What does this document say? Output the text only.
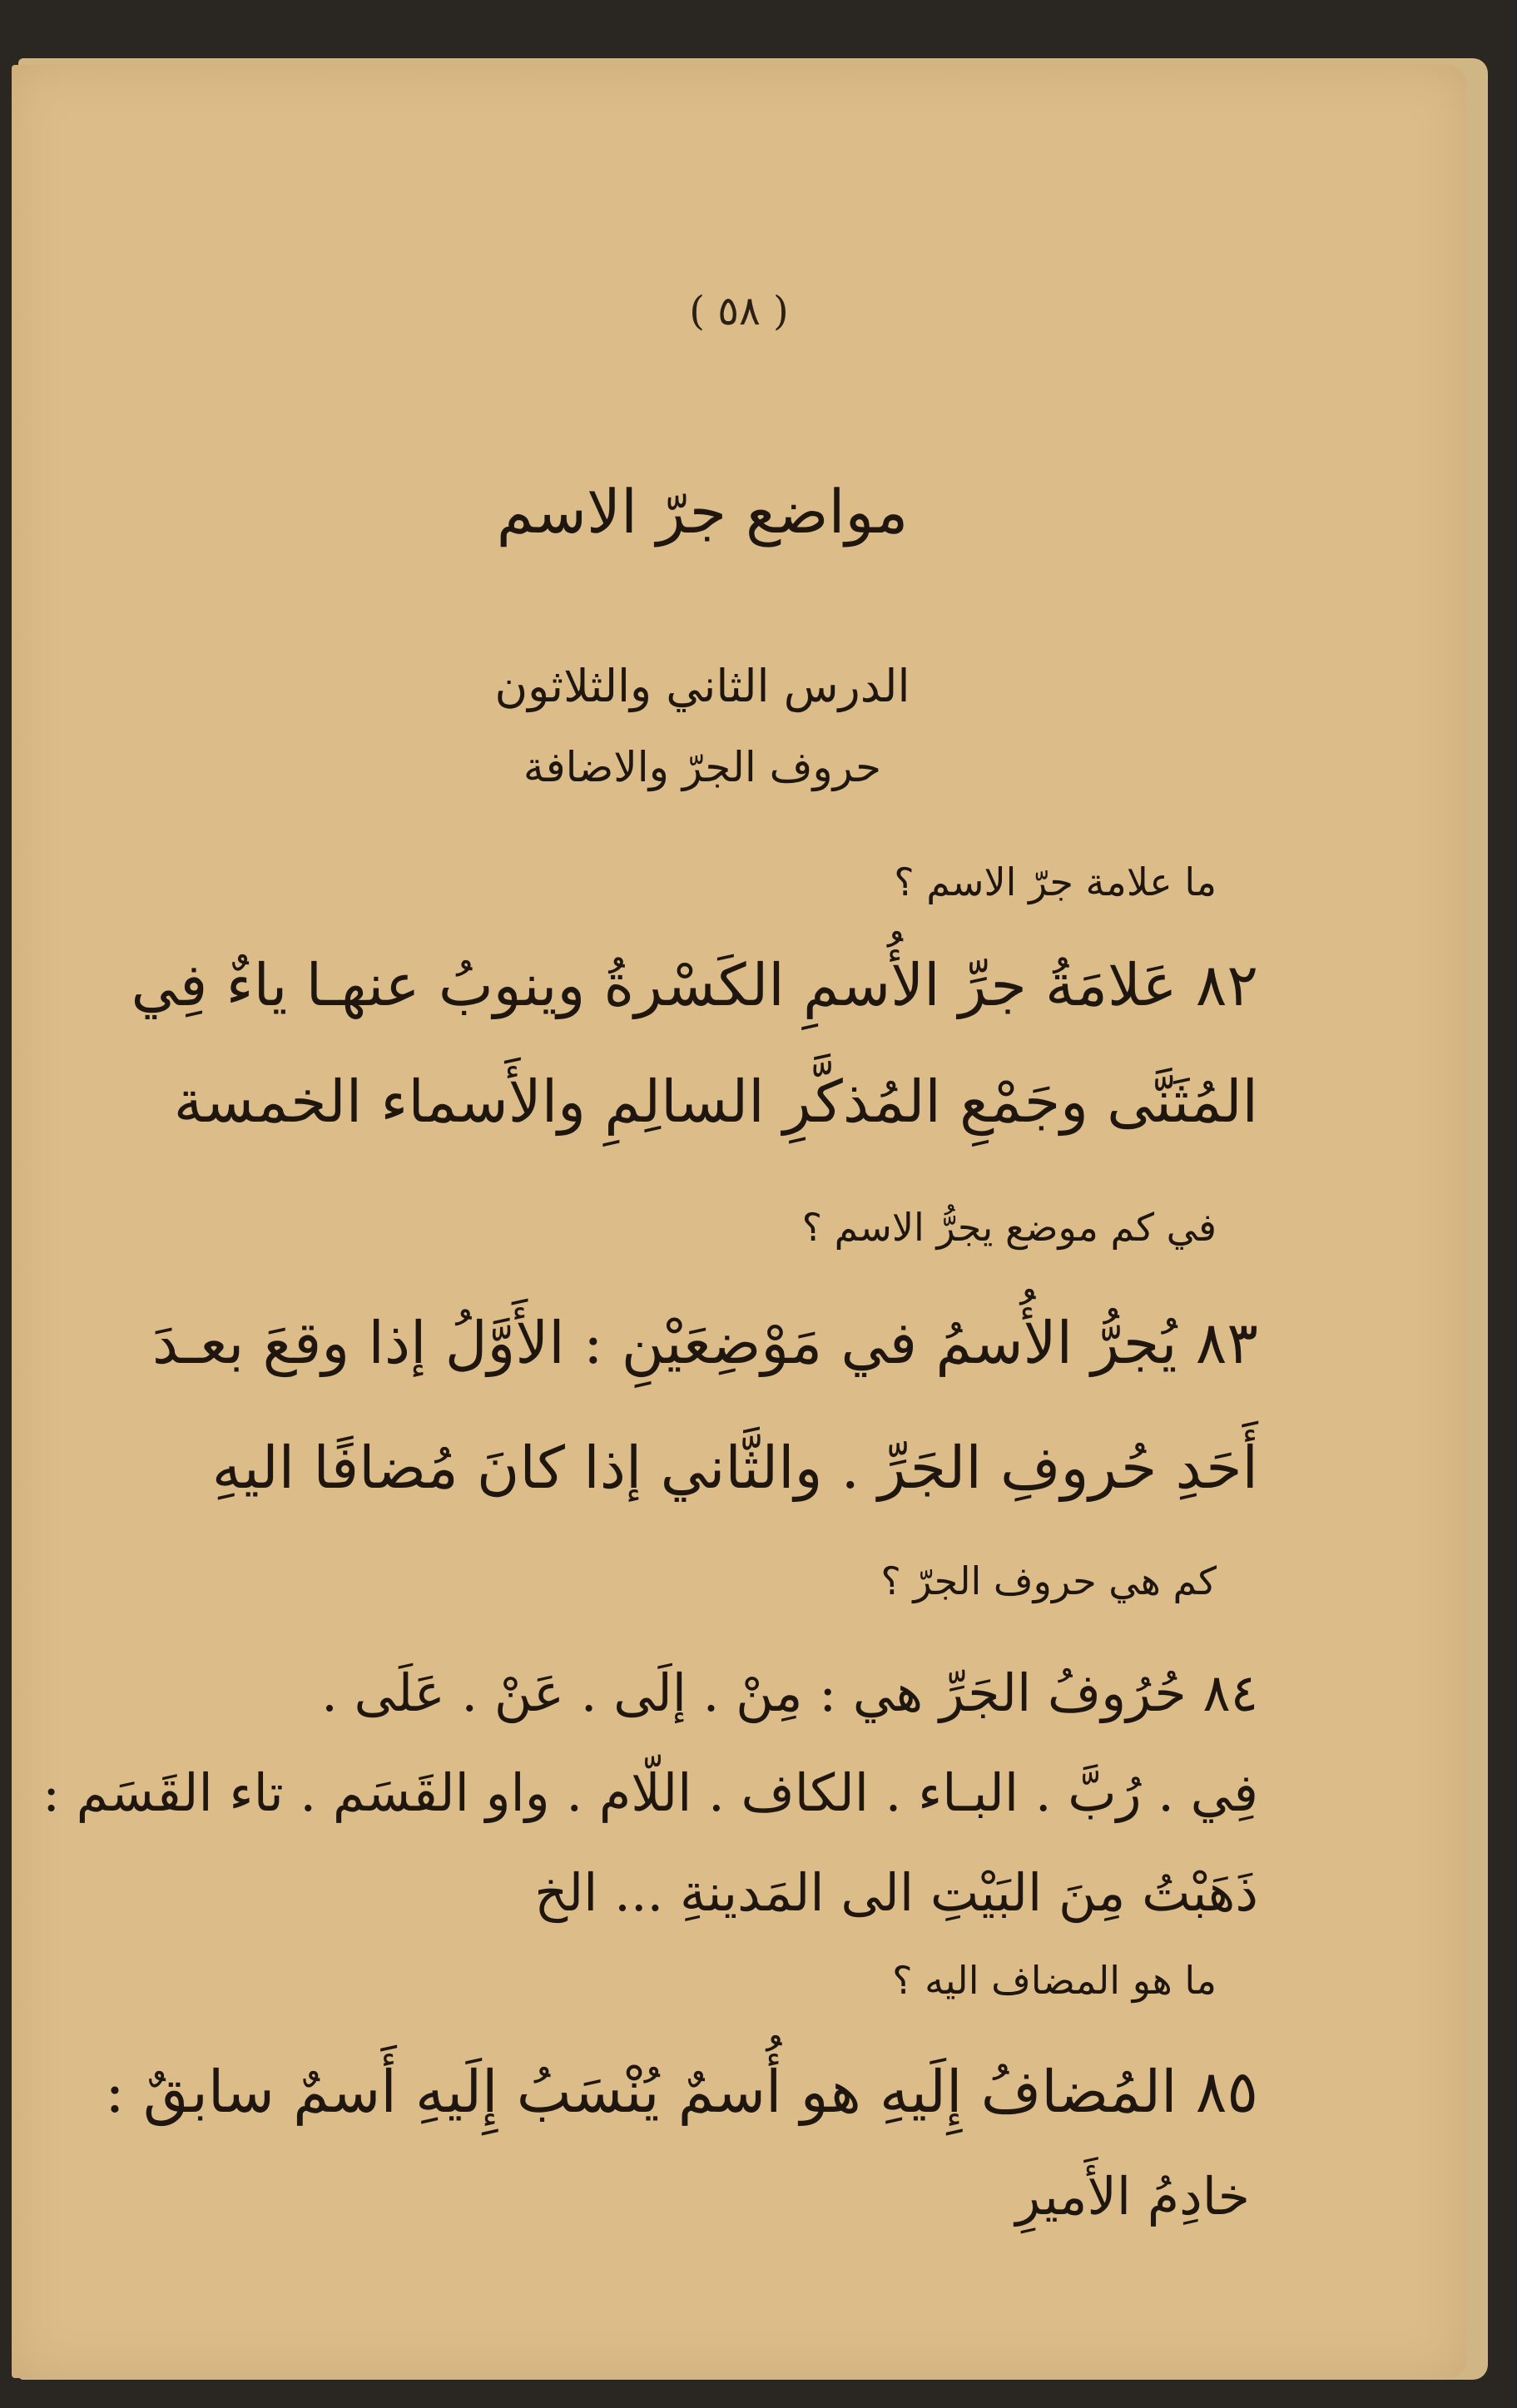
( ٥٨ )
مواضع جرّ الاسم
الدرس الثاني والثلاثون
حروف الجرّ والاضافة
ما علامة جرّ الاسم ؟
٨٢ عَلامَةُ جرِّ الأُسمِ الكَسْرةُ وينوبُ عنهـا ياءٌ فِي
المُثَنَّى وجَمْعِ المُذكَّرِ السالِمِ والأَسماء الخمسة
في كم موضع يجرُّ الاسم ؟
٨٣ يُجرُّ الأُسمُ في مَوْضِعَيْنِ : الأَوَّلُ إذا وقعَ بعـدَ
أَحَدِ حُروفِ الجَرِّ . والثَّاني إذا كانَ مُضافًا اليهِ
كم هي حروف الجرّ ؟
٨٤ حُرُوفُ الجَرِّ هي : مِنْ . إلَى . عَنْ . عَلَى .
فِي . رُبَّ . البـاء . الكاف . اللّام . واو القَسَم . تاء القَسَم :
ذَهَبْتُ مِنَ البَيْتِ الى المَدينةِ ... الخ
ما هو المضاف اليه ؟
٨٥ المُضافُ إِلَيهِ هو أُسمٌ يُنْسَبُ إِلَيهِ أَسمٌ سابقٌ :
خادِمُ الأَميرِ
